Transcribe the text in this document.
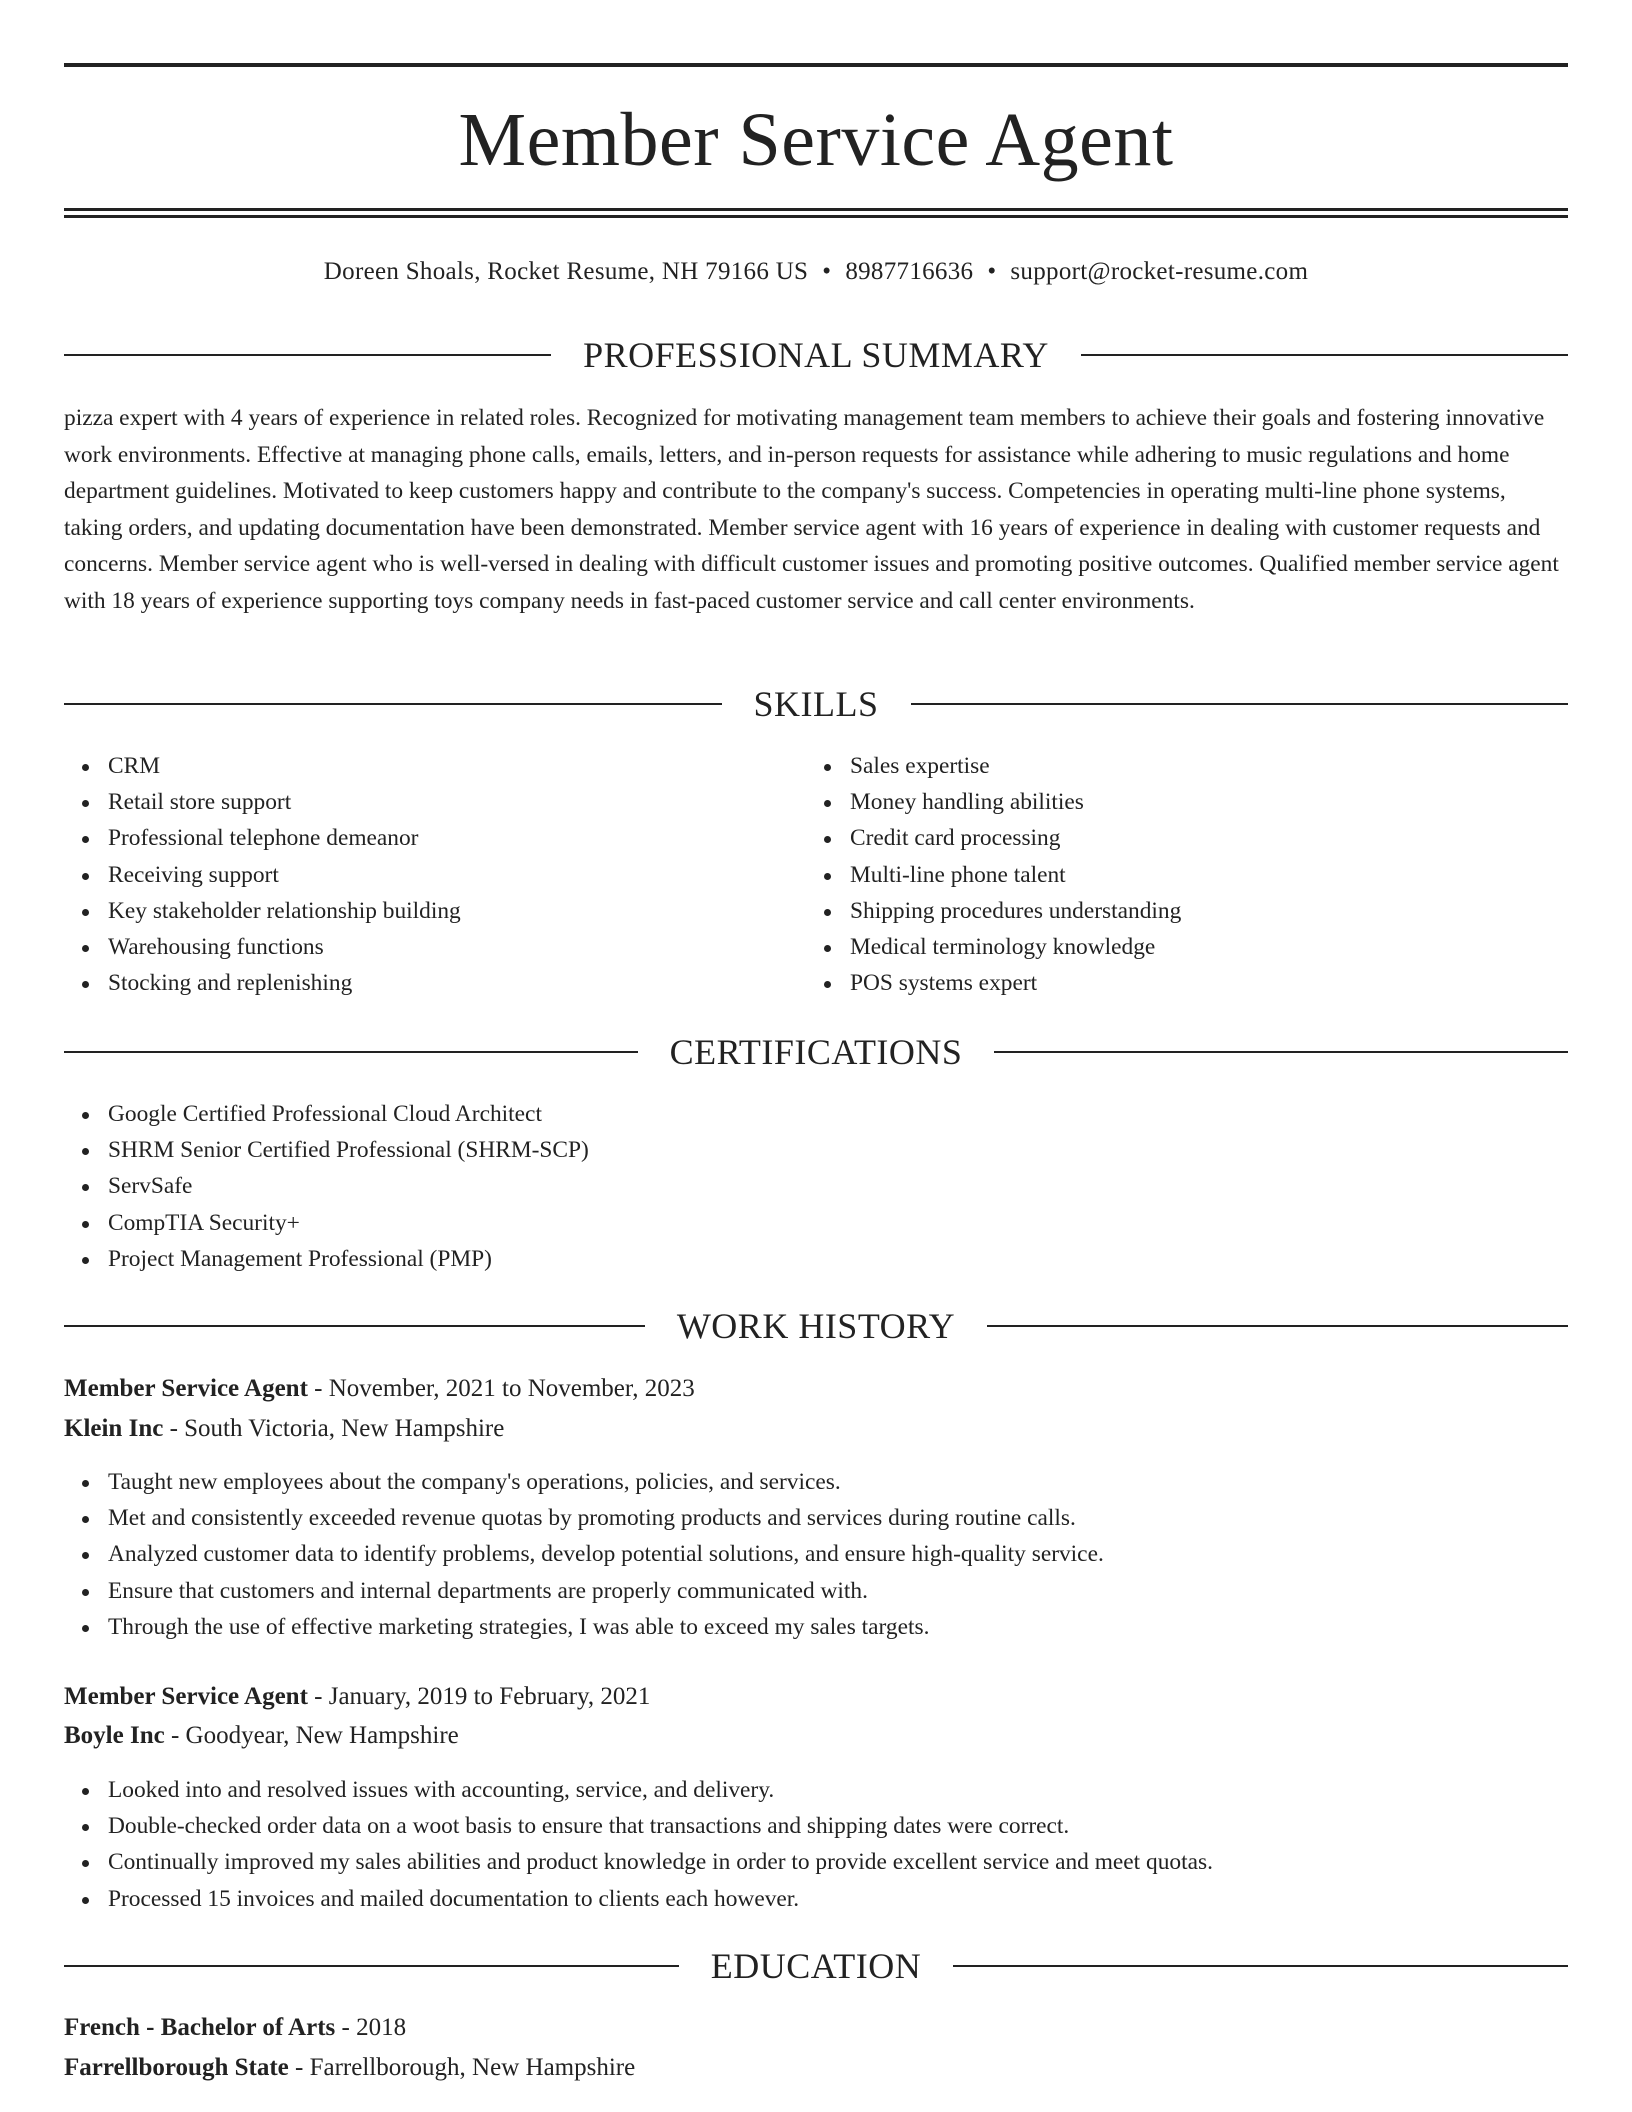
Member Service Agent
Doreen Shoals, Rocket Resume, NH 79166 US • 8987716636 • support@rocket-resume.com
PROFESSIONAL SUMMARY

pizza expert with 4 years of experience in related roles. Recognized for motivating management team members to achieve their goals and fostering innovative work environments. Effective at managing phone calls, emails, letters, and in-person requests for assistance while adhering to music regulations and home department guidelines. Motivated to keep customers happy and contribute to the company's success. Competencies in operating multi-line phone systems, taking orders, and updating documentation have been demonstrated. Member service agent with 16 years of experience in dealing with customer requests and concerns. Member service agent who is well-versed in dealing with difficult customer issues and promoting positive outcomes. Qualified member service agent with 18 years of experience supporting toys company needs in fast-paced customer service and call center environments.

SKILLS
CRM
Retail store support
Professional telephone demeanor
Receiving support
Key stakeholder relationship building
Warehousing functions
Stocking and replenishing
Sales expertise
Money handling abilities
Credit card processing
Multi-line phone talent
Shipping procedures understanding
Medical terminology knowledge
POS systems expert
CERTIFICATIONS
Google Certified Professional Cloud Architect
SHRM Senior Certified Professional (SHRM-SCP)
ServSafe
CompTIA Security+
Project Management Professional (PMP)
WORK HISTORY
Member Service Agent - November, 2021 to November, 2023
Klein Inc - South Victoria, New Hampshire
Taught new employees about the company's operations, policies, and services.
Met and consistently exceeded revenue quotas by promoting products and services during routine calls.
Analyzed customer data to identify problems, develop potential solutions, and ensure high-quality service.
Ensure that customers and internal departments are properly communicated with.
Through the use of effective marketing strategies, I was able to exceed my sales targets.
Member Service Agent - January, 2019 to February, 2021
Boyle Inc - Goodyear, New Hampshire
Looked into and resolved issues with accounting, service, and delivery.
Double-checked order data on a woot basis to ensure that transactions and shipping dates were correct.
Continually improved my sales abilities and product knowledge in order to provide excellent service and meet quotas.
Processed 15 invoices and mailed documentation to clients each however.
EDUCATION
French - Bachelor of Arts - 2018
Farrellborough State - Farrellborough, New Hampshire
